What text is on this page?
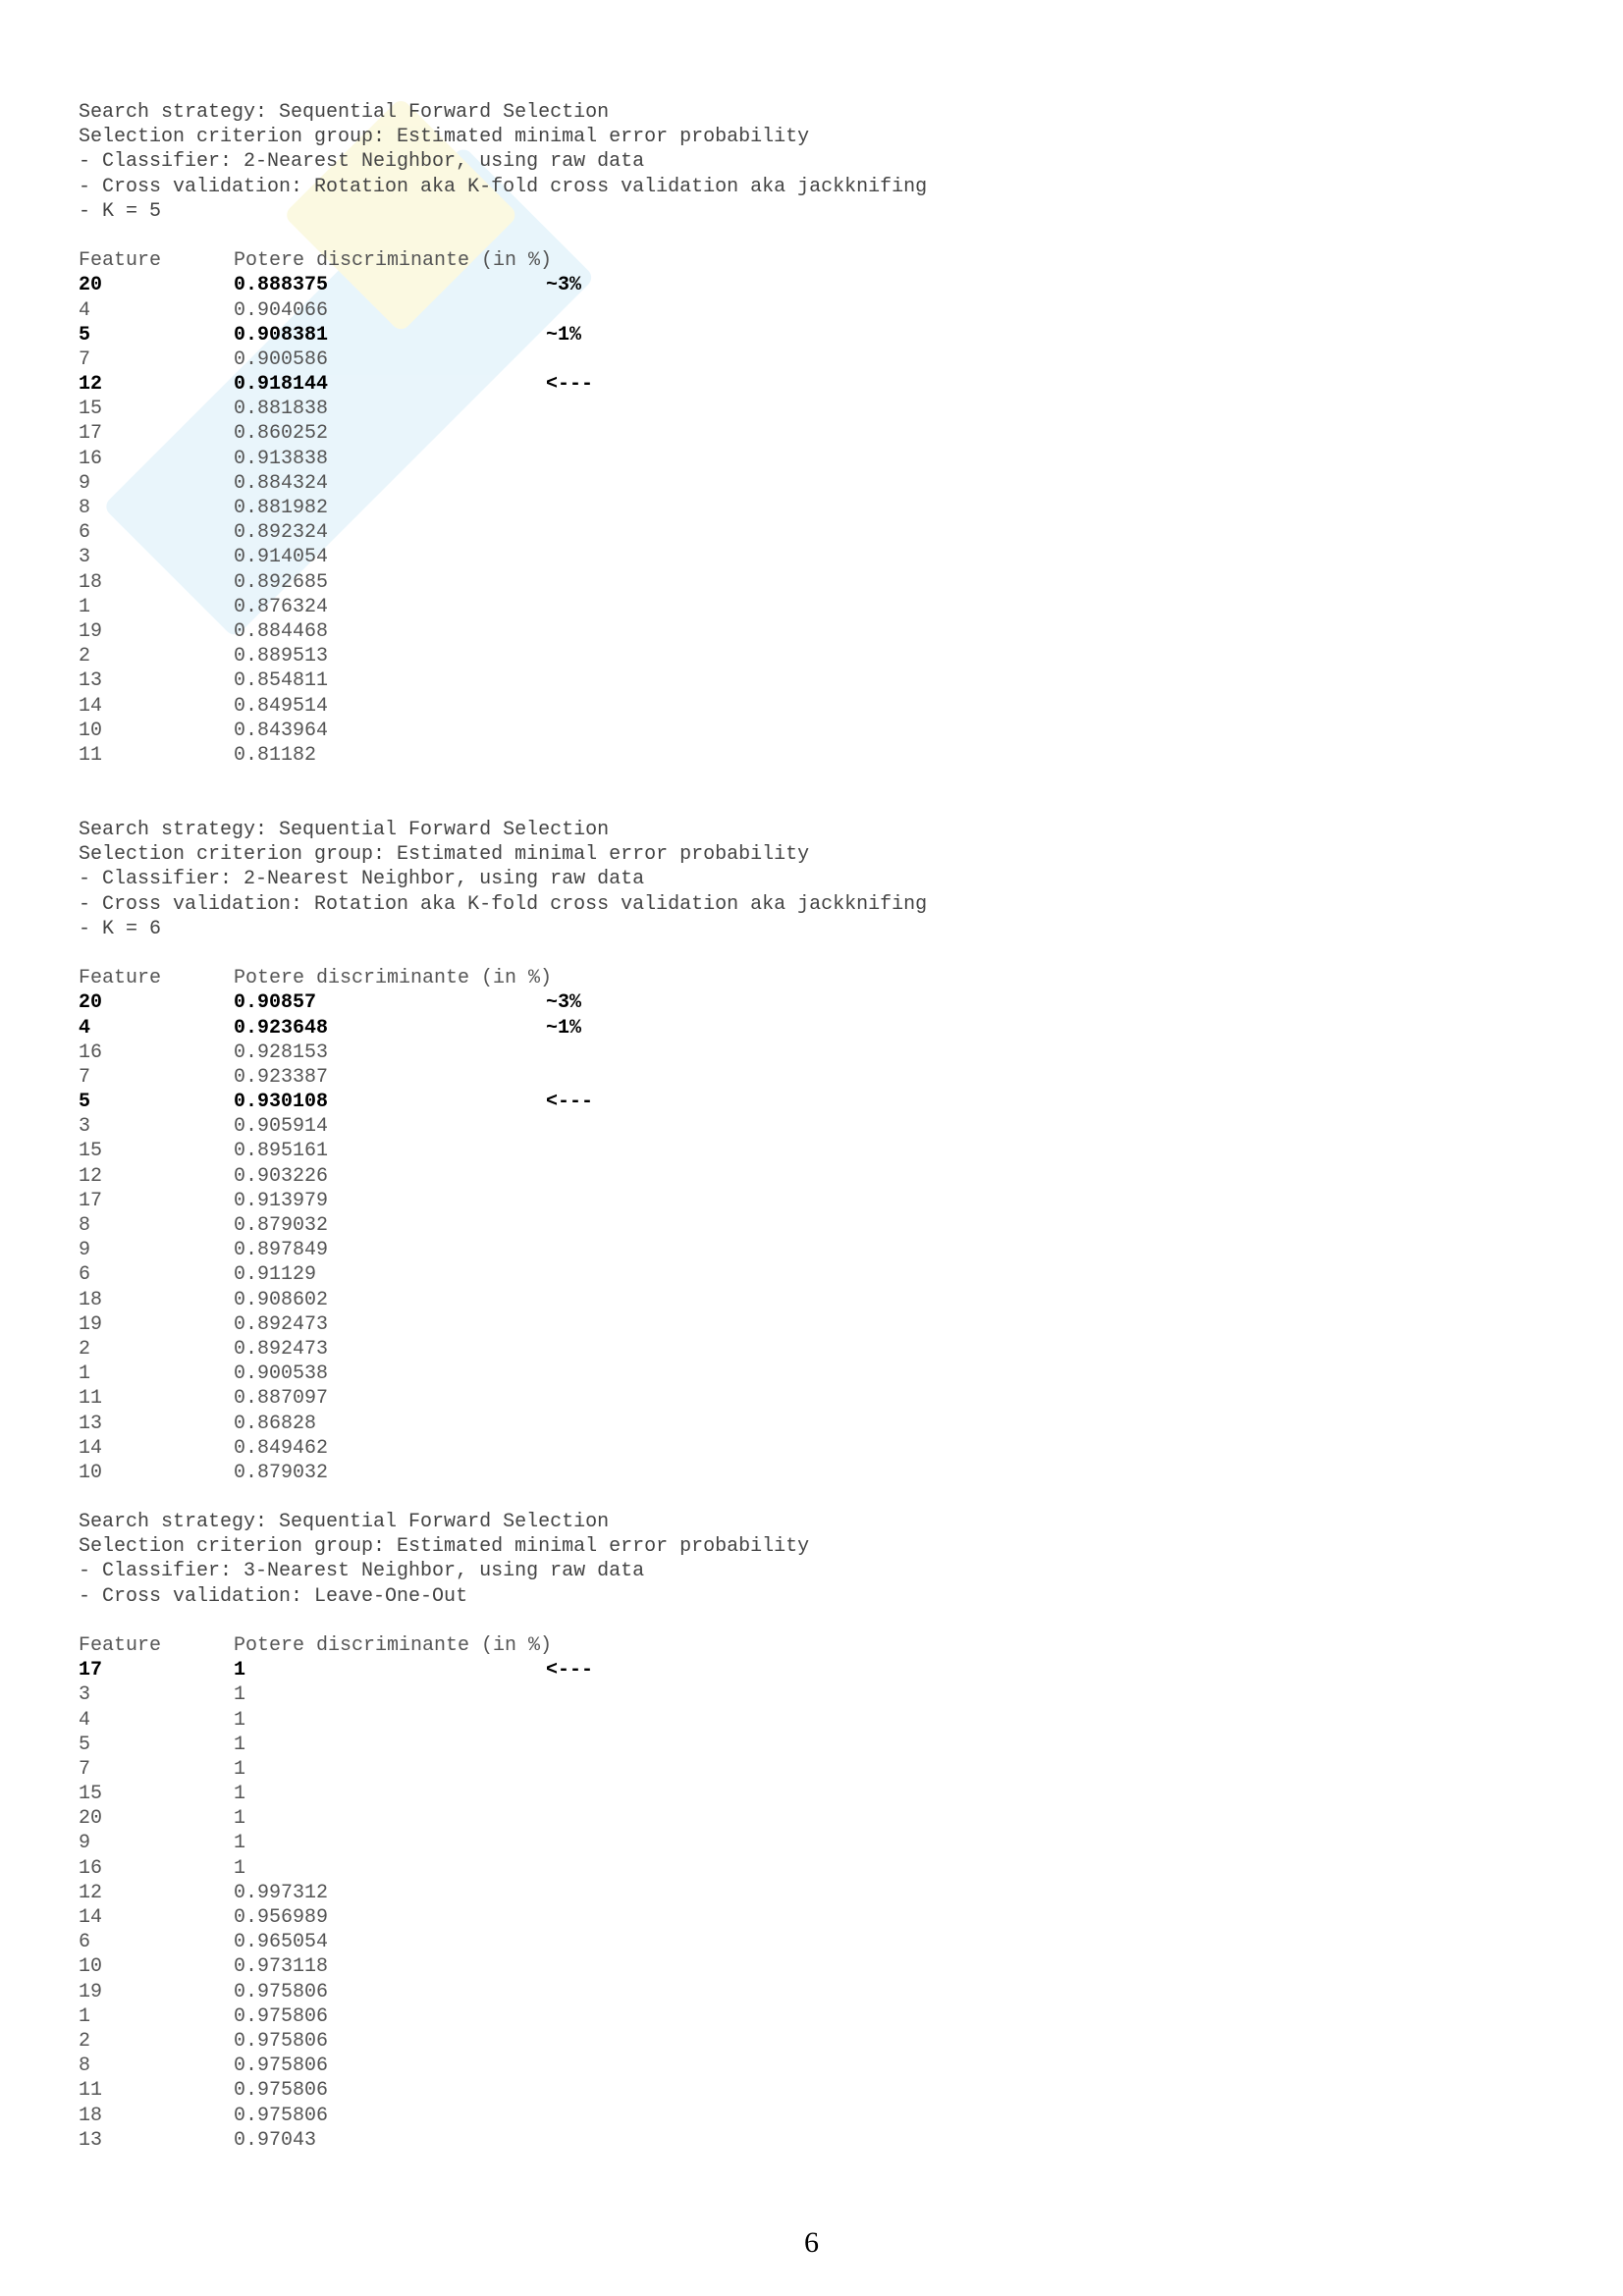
Search strategy: Sequential Forward Selection
Selection criterion group: Estimated minimal error probability
- Classifier: 2-Nearest Neighbor, using raw data
- Cross validation: Rotation aka K-fold cross validation aka jackknifing
- K = 5
Feature	Potere discriminante (in %)
20	0.888375	~3%
4	0.904066
5	0.908381	~1%
7	0.900586
12	0.918144	<---
15	0.881838
17	0.860252
16	0.913838
9	0.884324
8	0.881982
6	0.892324
3	0.914054
18	0.892685
1	0.876324
19	0.884468
2	0.889513
13	0.854811
14	0.849514
10	0.843964
11	0.81182
Search strategy: Sequential Forward Selection
Selection criterion group: Estimated minimal error probability
- Classifier: 2-Nearest Neighbor, using raw data
- Cross validation: Rotation aka K-fold cross validation aka jackknifing
- K = 6
Feature	Potere discriminante (in %)
20	0.90857	~3%
4	0.923648	~1%
16	0.928153
7	0.923387
5	0.930108	<---
3	0.905914
15	0.895161
12	0.903226
17	0.913979
8	0.879032
9	0.897849
6	0.91129
18	0.908602
19	0.892473
2	0.892473
1	0.900538
11	0.887097
13	0.86828
14	0.849462
10	0.879032
Search strategy: Sequential Forward Selection
Selection criterion group: Estimated minimal error probability
- Classifier: 3-Nearest Neighbor, using raw data
- Cross validation: Leave-One-Out
Feature	Potere discriminante (in %)
17	1	<---
3	1
4	1
5	1
7	1
15	1
20	1
9	1
16	1
12	0.997312
14	0.956989
6	0.965054
10	0.973118
19	0.975806
1	0.975806
2	0.975806
8	0.975806
11	0.975806
18	0.975806
13	0.97043
6
